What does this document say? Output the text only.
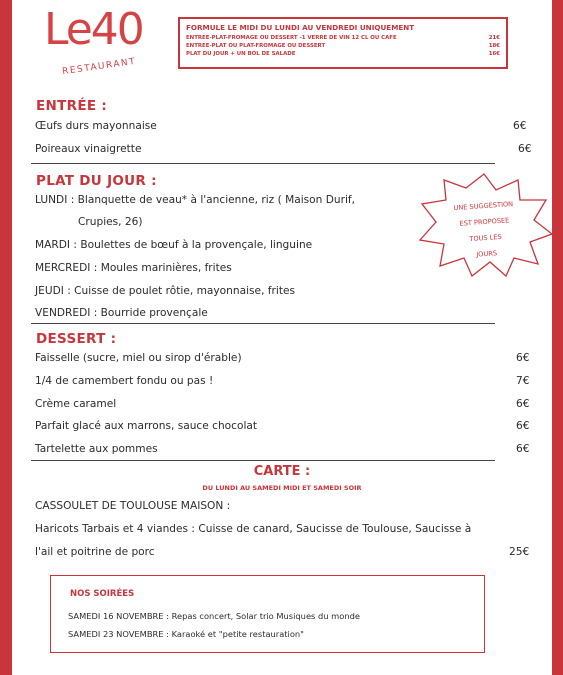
Le40
RESTAURANT
FORMULE LE MIDI DU LUNDI AU VENDREDI UNIQUEMENT
ENTREE-PLAT-FROMAGE OU DESSERT -1 VERRE DE VIN 12 CL OU CAFE	21€
ENTREE-PLAT OU PLAT-FROMAGE OU DESSERT	18€
PLAT DU JOUR + UN BOL DE SALADE	16€
ENTRÉE :
Œufs durs mayonnaise	6€
Poireaux vinaigrette	6€
PLAT DU JOUR :
LUNDI : Blanquette de veau* à l'ancienne, riz ( Maison Durif,
Crupies, 26)
MARDI : Boulettes de bœuf à la provençale, linguine
MERCREDI : Moules marinières, frites
JEUDI : Cuisse de poulet rôtie, mayonnaise, frites
VENDREDI : Bourride provençale
UNE SUGGESTION
EST PROPOSEE
TOUS LES
JOURS
DESSERT :
Faisselle (sucre, miel ou sirop d'érable)	6€
1/4 de camembert fondu ou pas !	7€
Crème caramel	6€
Parfait glacé aux marrons, sauce chocolat	6€
Tartelette aux pommes	6€
CARTE :
DU LUNDI AU SAMEDI MIDI ET SAMEDI SOIR
CASSOULET DE TOULOUSE MAISON :
Haricots Tarbais et 4 viandes : Cuisse de canard, Saucisse de Toulouse, Saucisse à
l'ail et poitrine de porc	25€
NOS SOIRÉES
SAMEDI 16 NOVEMBRE : Repas concert, Solar trio Musiques du monde
SAMEDI 23 NOVEMBRE : Karaoké et "petite restauration"
